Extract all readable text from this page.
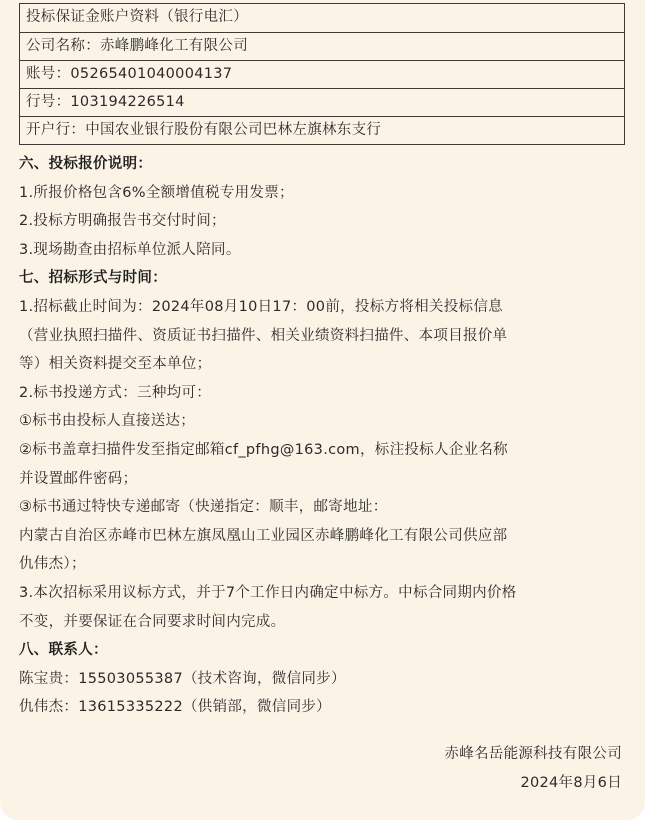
投标保证金账户资料（银行电汇）
公司名称：赤峰鹏峰化工有限公司
账号：05265401040004137
行号：103194226514
开户行：中国农业银行股份有限公司巴林左旗林东支行
六、投标报价说明：
1.所报价格包含6%全额增值税专用发票；
2.投标方明确报告书交付时间；
3.现场勘查由招标单位派人陪同。
七、招标形式与时间：
1.招标截止时间为：2024年08月10日17：00前，投标方将相关投标信息
（营业执照扫描件、资质证书扫描件、相关业绩资料扫描件、本项目报价单
等）相关资料提交至本单位；
2.标书投递方式：三种均可：
①标书由投标人直接送达；
②标书盖章扫描件发至指定邮箱cf_pfhg@163.com，标注投标人企业名称
并设置邮件密码；
③标书通过特快专递邮寄（快递指定：顺丰，邮寄地址：
内蒙古自治区赤峰市巴林左旗凤凰山工业园区赤峰鹏峰化工有限公司供应部
仇伟杰）；
3.本次招标采用议标方式，并于7个工作日内确定中标方。中标合同期内价格
不变，并要保证在合同要求时间内完成。
八、联系人：
陈宝贵：15503055387（技术咨询，微信同步）
仇伟杰：13615335222（供销部，微信同步）
赤峰名岳能源科技有限公司
2024年8月6日
